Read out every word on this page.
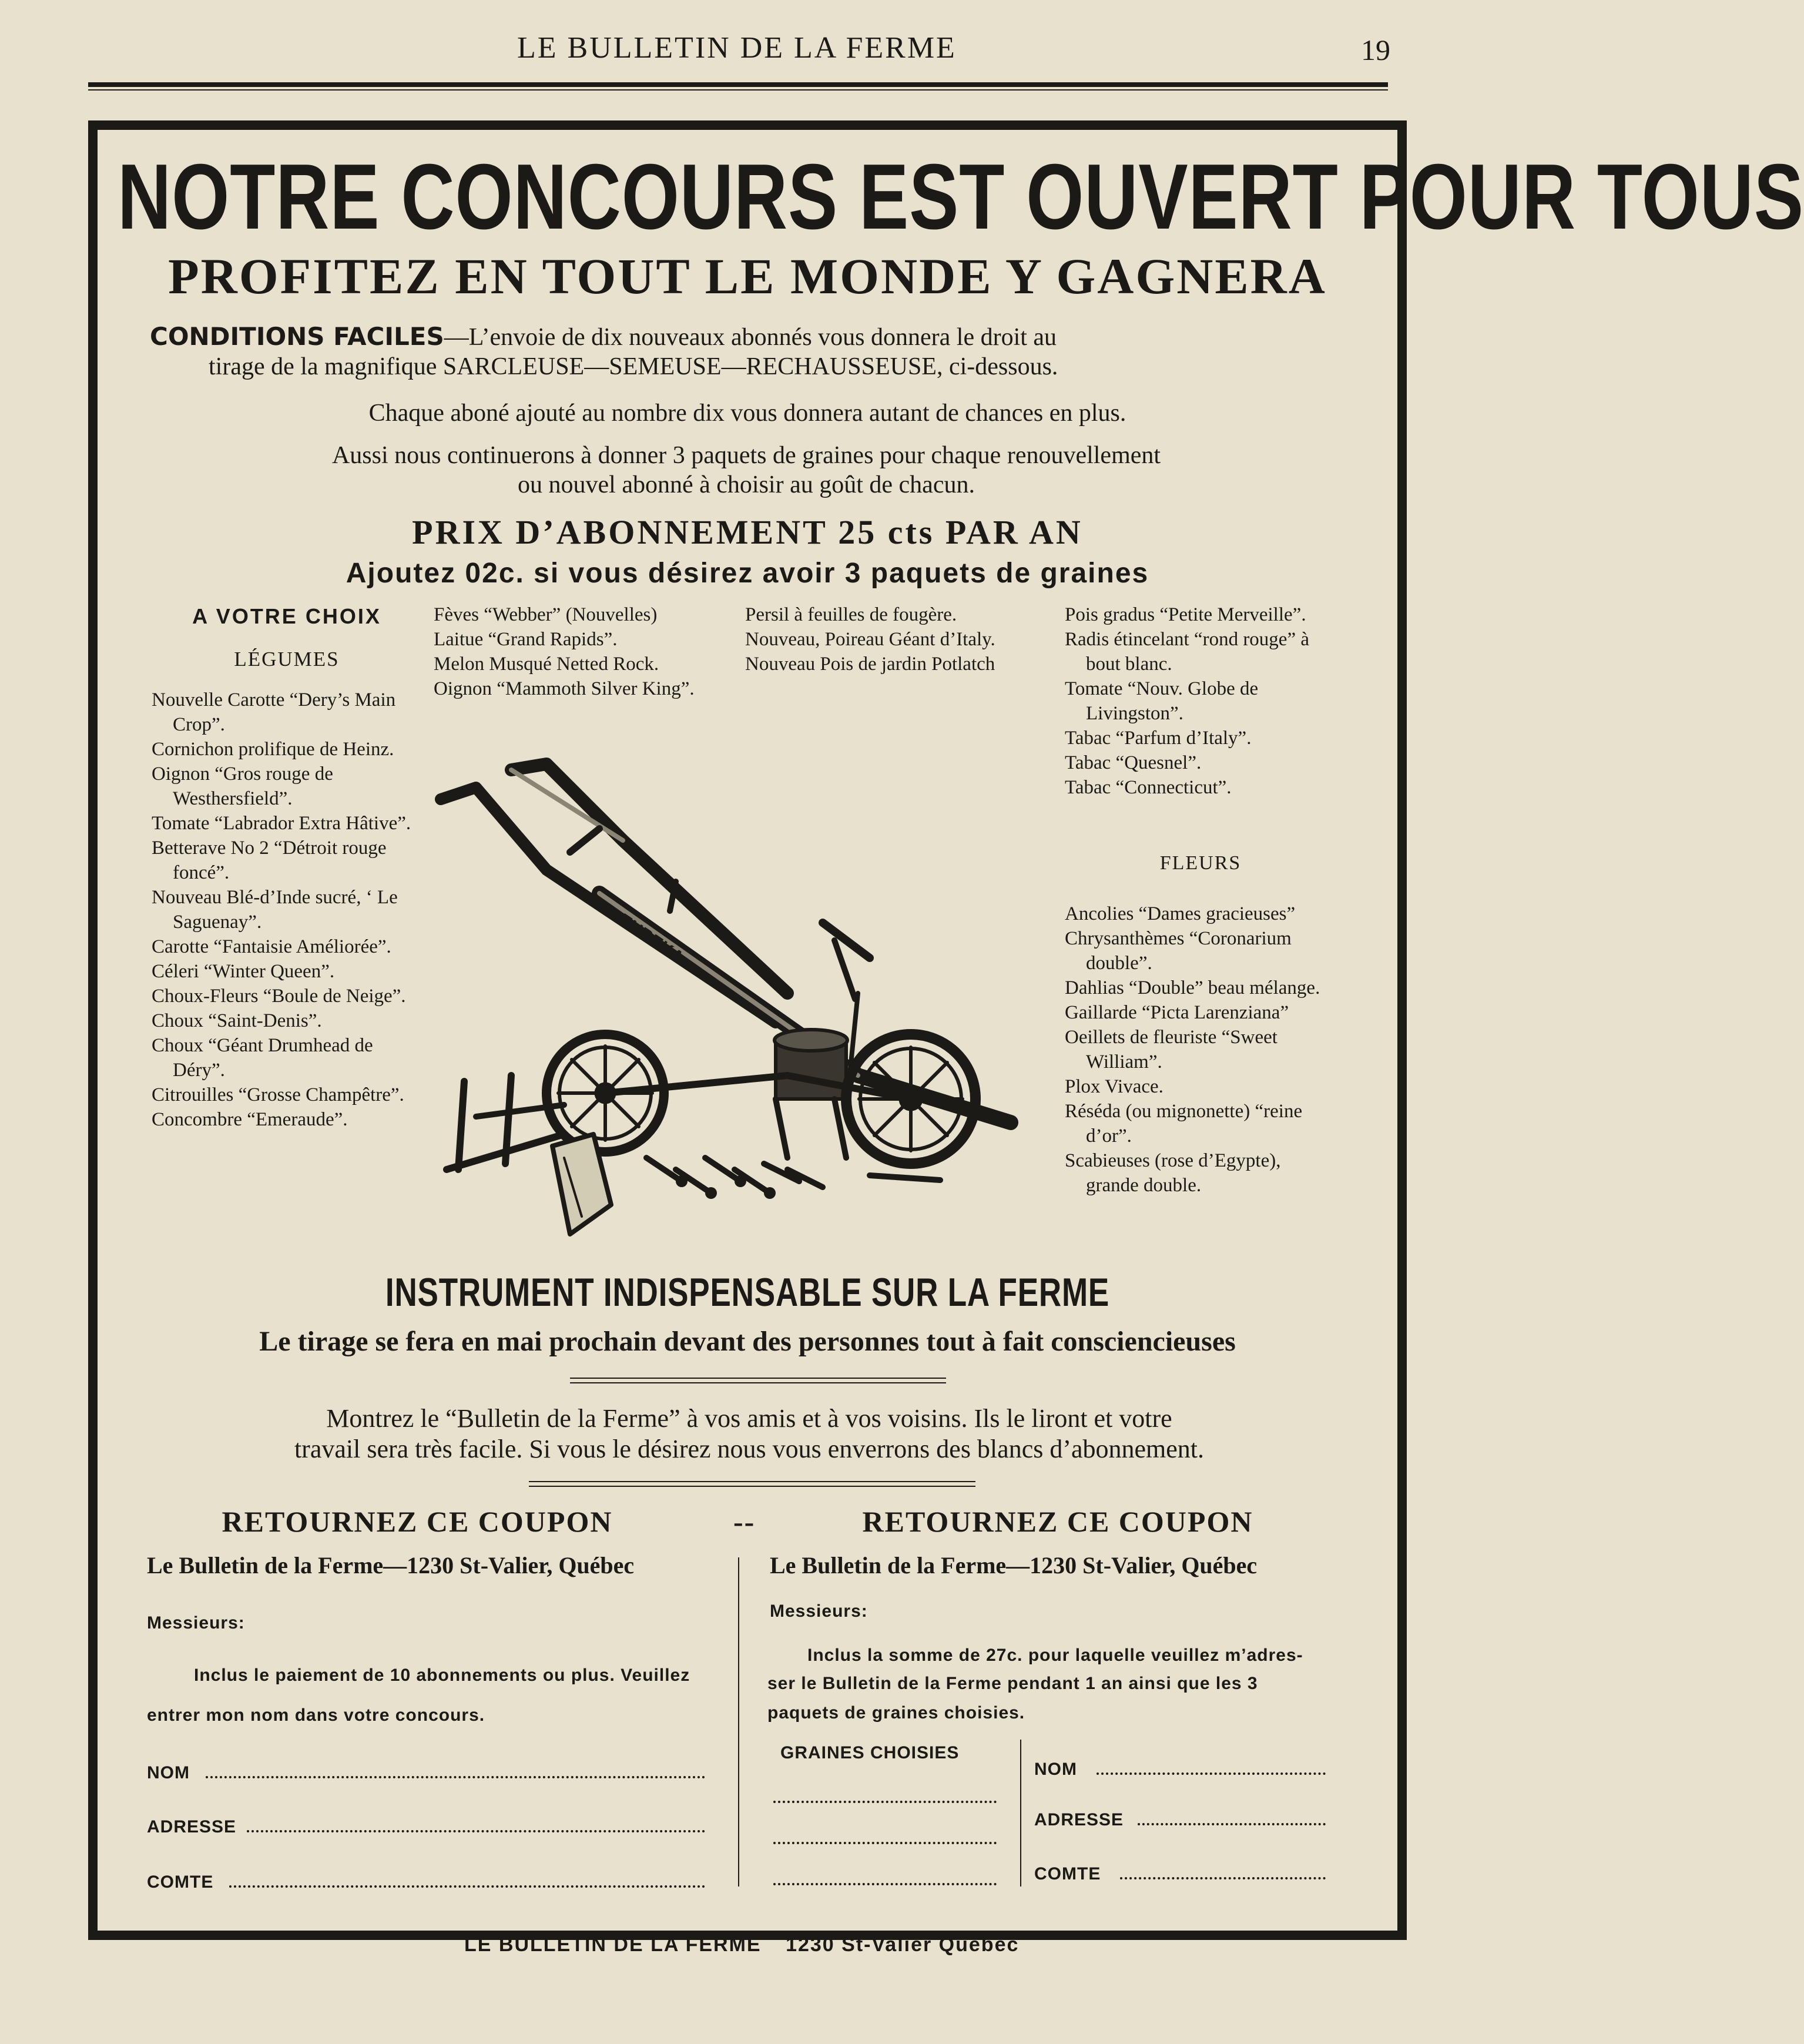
LE BULLETIN DE LA FERME	19
NOTRE CONCOURS EST OUVERT POUR TOUS
PROFITEZ EN TOUT LE MONDE Y GAGNERA
CONDITIONS FACILES—L’envoie de dix nouveaux abonnés vous donnera le droit au
tirage de la magnifique SARCLEUSE—SEMEUSE—RECHAUSSEUSE, ci-dessous.
Chaque aboné ajouté au nombre dix vous donnera autant de chances en plus.
Aussi nous continuerons à donner 3 paquets de graines pour chaque renouvellement
ou nouvel abonné à choisir au goût de chacun.
PRIX D’ABONNEMENT 25 cts PAR AN
Ajoutez 02c. si vous désirez avoir 3 paquets de graines
A VOTRE CHOIX
LÉGUMES

Nouvelle Carotte “Dery’s Main Crop”.

Cornichon prolifique de Heinz.

Oignon “Gros rouge de Westhersfield”.

Tomate “Labrador Extra Hâtive”.

Betterave No 2 “Détroit rouge foncé”.

Nouveau Blé-d’Inde sucré, ‘ Le Saguenay”.

Carotte “Fantaisie Améliorée”.

Céleri “Winter Queen”.

Choux-Fleurs “Boule de Neige”.

Choux “Saint-Denis”.

Choux “Géant Drumhead de Déry”.

Citrouilles “Grosse Champêtre”.

Concombre “Emeraude”.

Fèves “Webber” (Nouvelles)

Laitue “Grand Rapids”.

Melon Musqué Netted Rock.

Oignon “Mammoth Silver King”.

Persil à feuilles de fougère.

Nouveau, Poireau Géant d’Italy.

Nouveau Pois de jardin Potlatch

Pois gradus “Petite Merveille”.

Radis étincelant “rond rouge” à bout blanc.

Tomate “Nouv. Globe de Livingston”.

Tabac “Parfum d’Italy”.

Tabac “Quesnel”.

Tabac “Connecticut”.

FLEURS

Ancolies “Dames gracieuses”

Chrysanthèmes “Coronarium double”.

Dahlias “Double” beau mélange.

Gaillarde “Picta Larenziana”

Oeillets de fleuriste “Sweet William”.

Plox Vivace.

Réséda (ou mignonette) “reine d’or”.

Scabieuses (rose d’Egypte), grande double.

EUREKA
INSTRUMENT INDISPENSABLE SUR LA FERME
Le tirage se fera en mai prochain devant des personnes tout à fait consciencieuses
Montrez le “Bulletin de la Ferme” à vos amis et à vos voisins. Ils le liront et votre
travail sera très facile. Si vous le désirez nous vous enverrons des blancs d’abonnement.
RETOURNEZ CE COUPON	--	RETOURNEZ CE COUPON
Le Bulletin de la Ferme—1230 St-Valier, Québec	Le Bulletin de la Ferme—1230 St-Valier, Québec
Messieurs:
Inclus le paiement de 10 abonnements ou plus. Veuillez
entrer mon nom dans votre concours.
NOM
ADRESSE
COMTE
Messieurs:
Inclus la somme de 27c. pour laquelle veuillez m’adres-
ser le Bulletin de la Ferme pendant 1 an ainsi que les 3
paquets de graines choisies.
GRAINES CHOISIES
NOM
ADRESSE
COMTE
LE BULLETIN DE LA FERME 1230 St-Valier Québec
